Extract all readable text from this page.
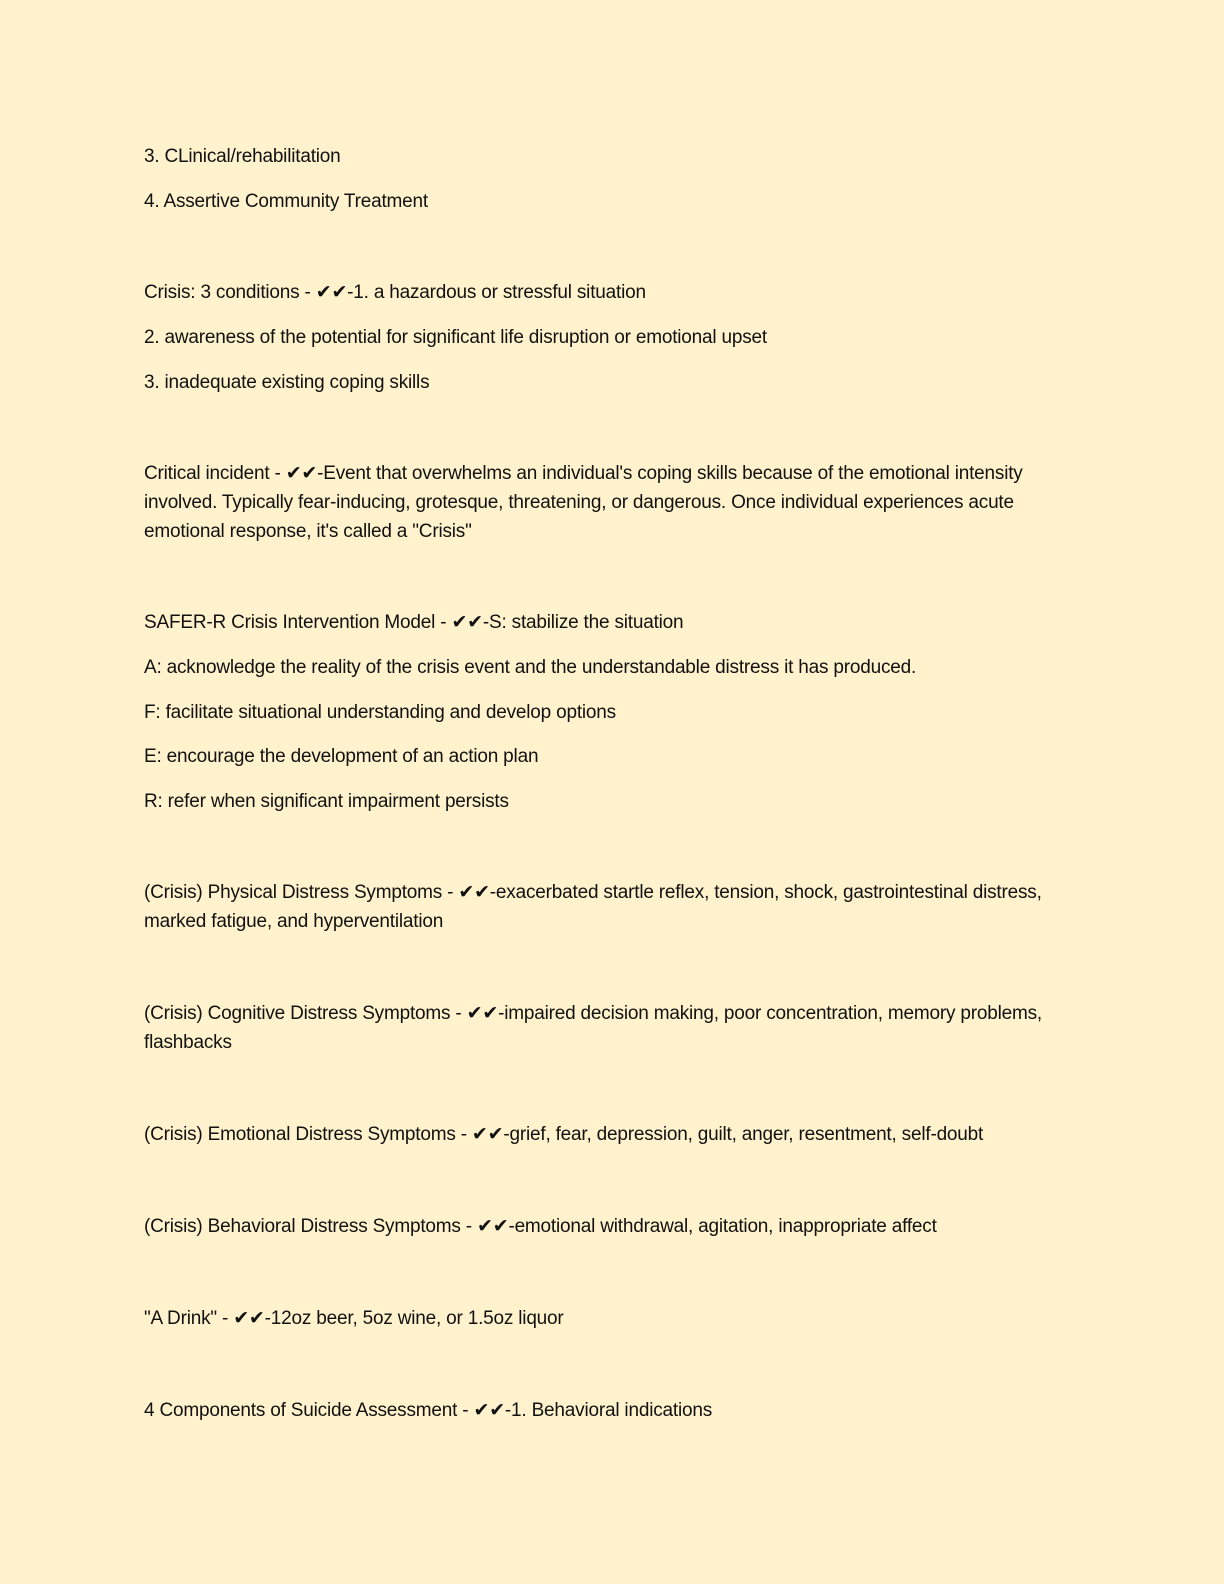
3. CLinical/rehabilitation
4. Assertive Community Treatment
Crisis: 3 conditions - ✔✔-1. a hazardous or stressful situation
2. awareness of the potential for significant life disruption or emotional upset
3. inadequate existing coping skills
Critical incident - ✔✔-Event that overwhelms an individual's coping skills because of the emotional intensity involved. Typically fear-inducing, grotesque, threatening, or dangerous. Once individual experiences acute emotional response, it's called a "Crisis"
SAFER-R Crisis Intervention Model - ✔✔-S: stabilize the situation
A: acknowledge the reality of the crisis event and the understandable distress it has produced.
F: facilitate situational understanding and develop options
E: encourage the development of an action plan
R: refer when significant impairment persists
(Crisis) Physical Distress Symptoms - ✔✔-exacerbated startle reflex, tension, shock, gastrointestinal distress, marked fatigue, and hyperventilation
(Crisis) Cognitive Distress Symptoms - ✔✔-impaired decision making, poor concentration, memory problems, flashbacks
(Crisis) Emotional Distress Symptoms - ✔✔-grief, fear, depression, guilt, anger, resentment, self-doubt
(Crisis) Behavioral Distress Symptoms - ✔✔-emotional withdrawal, agitation, inappropriate affect
"A Drink" - ✔✔-12oz beer, 5oz wine, or 1.5oz liquor
4 Components of Suicide Assessment - ✔✔-1. Behavioral indications
